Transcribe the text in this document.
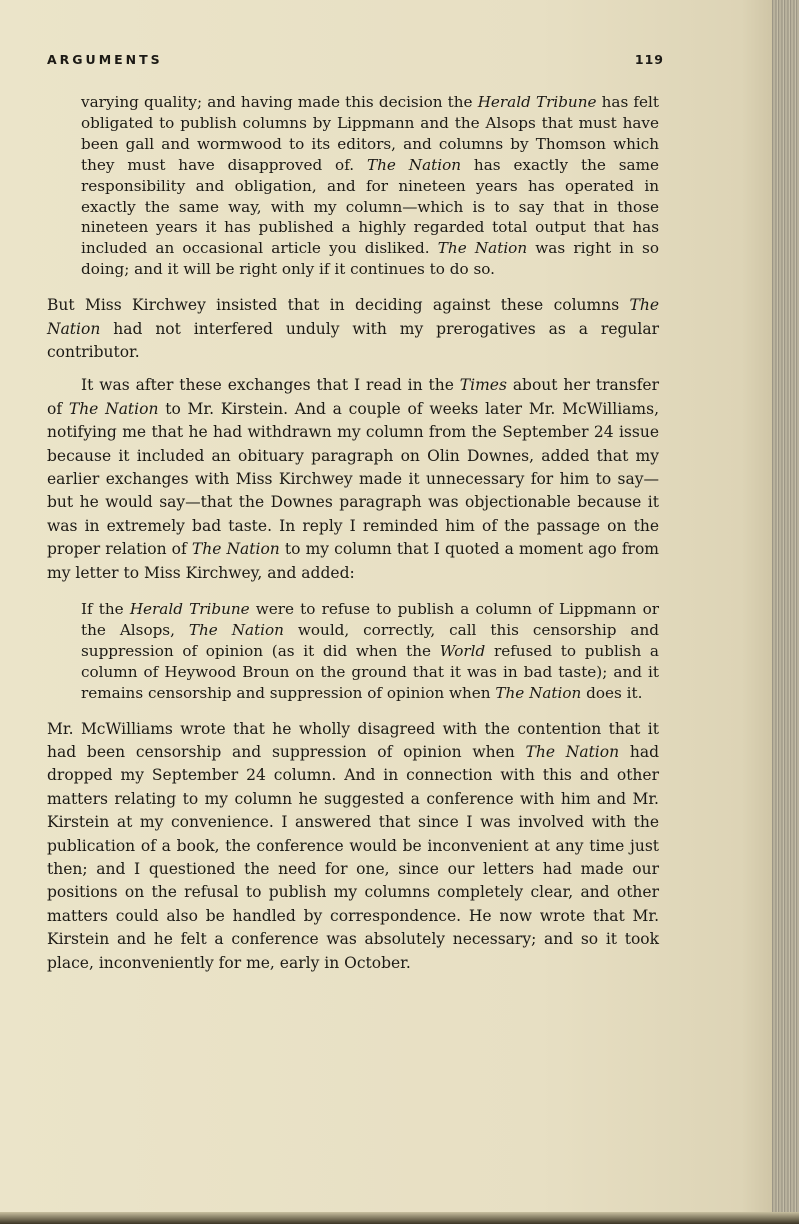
ARGUMENTS	119

varying quality; and having made this decision the Herald Tribune has felt obligated to publish columns by Lippmann and the Alsops that must have been gall and wormwood to its editors, and columns by Thomson which they must have disapproved of. The Nation has exactly the same responsibility and obligation, and for nineteen years has operated in exactly the same way, with my column—which is to say that in those nineteen years it has published a highly regarded total output that has included an occasional article you disliked. The Nation was right in so doing; and it will be right only if it continues to do so.

But Miss Kirchwey insisted that in deciding against these columns The Nation had not interfered unduly with my prerogatives as a regular contributor.

It was after these exchanges that I read in the Times about her transfer of The Nation to Mr. Kirstein. And a couple of weeks later Mr. McWilliams, notifying me that he had withdrawn my column from the September 24 issue because it included an obituary paragraph on Olin Downes, added that my earlier exchanges with Miss Kirchwey made it unnecessary for him to say—but he would say—that the Downes paragraph was objectionable because it was in extremely bad taste. In reply I reminded him of the passage on the proper relation of The Nation to my column that I quoted a moment ago from my letter to Miss Kirchwey, and added:

If the Herald Tribune were to refuse to publish a column of Lippmann or the Alsops, The Nation would, correctly, call this censorship and suppression of opinion (as it did when the World refused to publish a column of Heywood Broun on the ground that it was in bad taste); and it remains censorship and suppression of opinion when The Nation does it.

Mr. McWilliams wrote that he wholly disagreed with the contention that it had been censorship and suppression of opinion when The Nation had dropped my September 24 column. And in connection with this and other matters relating to my column he suggested a conference with him and Mr. Kirstein at my convenience. I answered that since I was involved with the publication of a book, the conference would be inconvenient at any time just then; and I questioned the need for one, since our letters had made our positions on the refusal to publish my columns completely clear, and other matters could also be handled by correspondence. He now wrote that Mr. Kirstein and he felt a conference was absolutely necessary; and so it took place, inconveniently for me, early in October.
